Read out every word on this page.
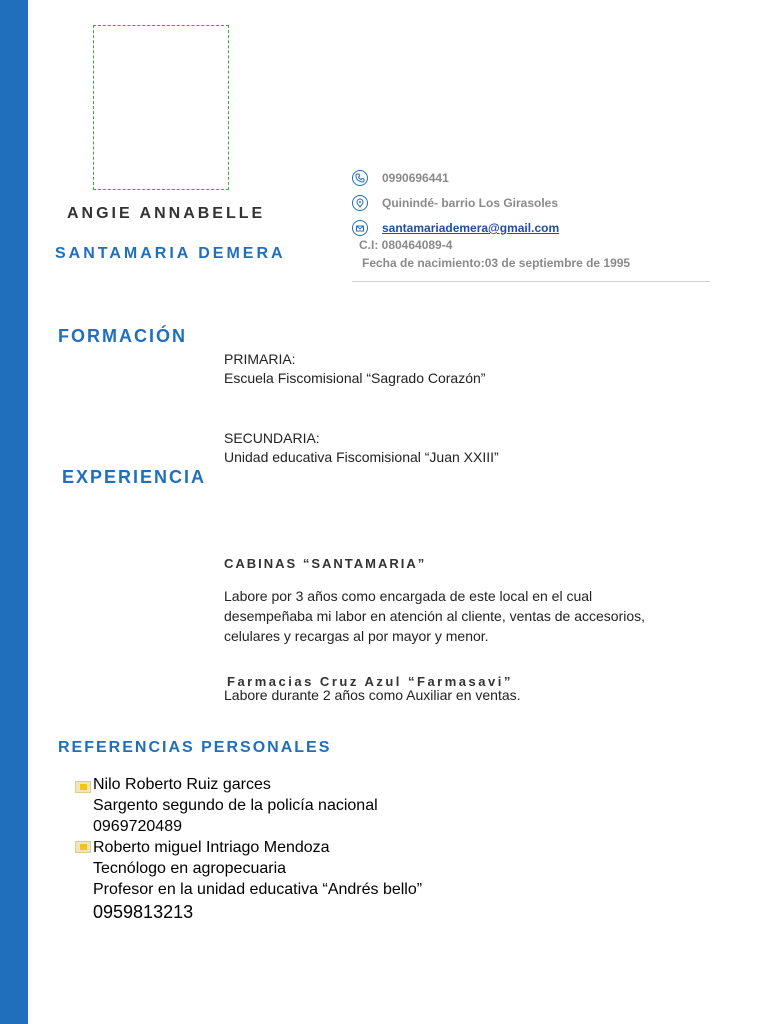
ANGIE ANNABELLE
SANTAMARIA DEMERA
0990696441
Quinindé- barrio Los Girasoles
santamariademera@gmail.com
C.I: 080464089-4
Fecha de nacimiento:03 de septiembre de 1995
FORMACIÓN
PRIMARIA:
Escuela Fiscomisional “Sagrado Corazón”
SECUNDARIA:
Unidad educativa Fiscomisional “Juan XXIII”
EXPERIENCIA
CABINAS “SANTAMARIA”
Labore por 3 años como encargada de este local en el cual
desempeñaba mi labor en atención al cliente, ventas de accesorios,
celulares y recargas al por mayor y menor.
Farmacias Cruz Azul “Farmasavi”
Labore durante 2 años como Auxiliar en ventas.
REFERENCIAS PERSONALES
Nilo Roberto Ruiz garces
Sargento segundo de la policía nacional
0969720489
Roberto miguel Intriago Mendoza
Tecnólogo en agropecuaria
Profesor en la unidad educativa “Andrés bello”
0959813213
